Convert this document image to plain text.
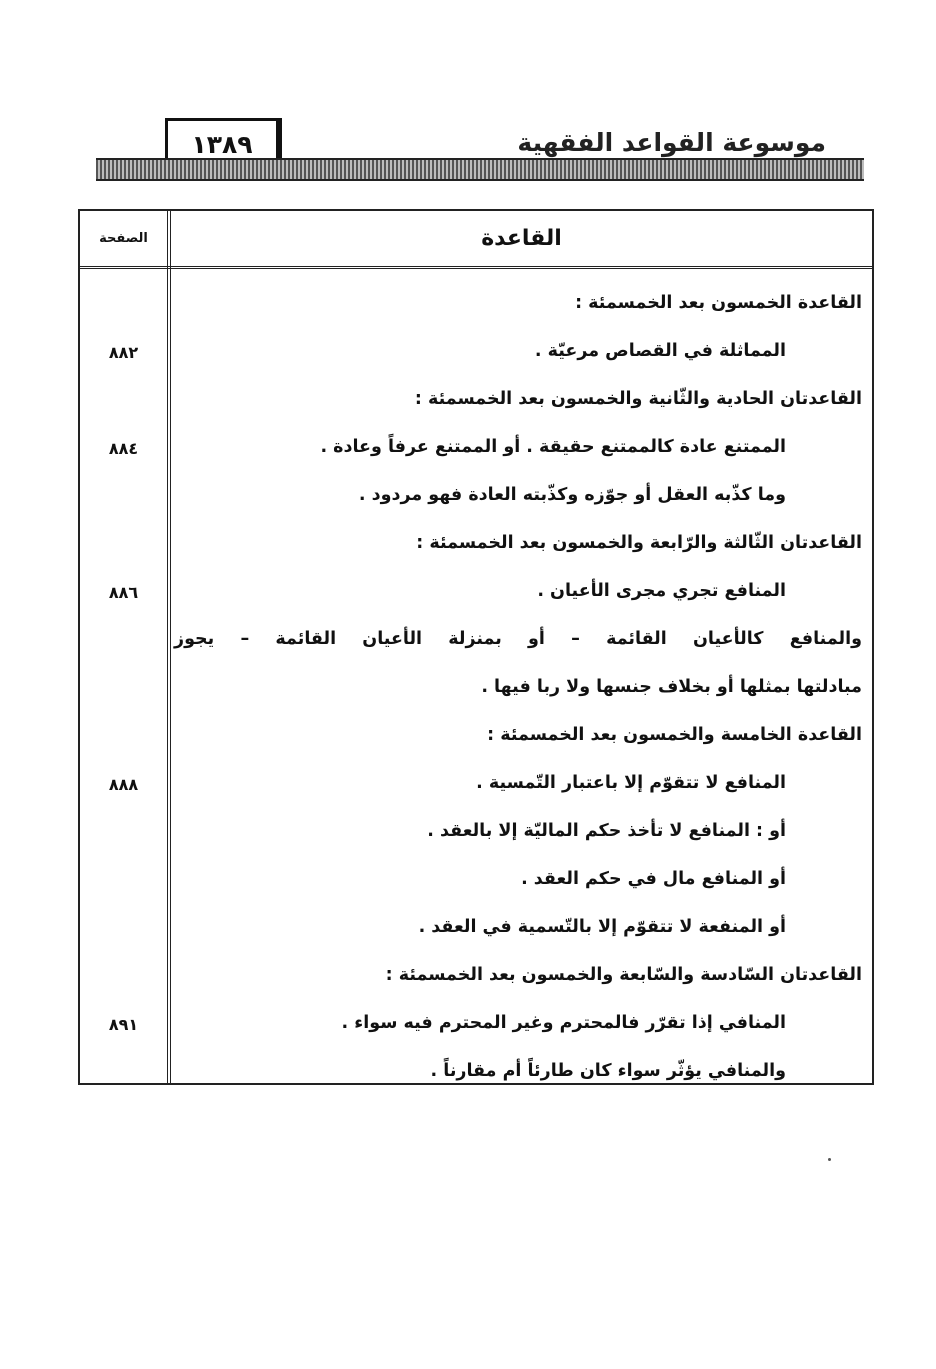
موسوعة القواعد الفقهية
١٣٨٩
الصفحة	القاعدة
القاعدة الخمسون بعد الخمسمئة :
المماثلة في القصاص مرعيّة .
٨٨٢
القاعدتان الحادية والثّانية والخمسون بعد الخمسمئة :
الممتنع عادة كالممتنع حقيقة . أو الممتنع عرفاً وعادة .
٨٨٤
وما كذّبه العقل أو جوّزه وكذّبته العادة فهو مردود .
القاعدتان الثّالثة والرّابعة والخمسون بعد الخمسمئة :
المنافع تجري مجرى الأعيان .
٨٨٦
والمنافع كالأعيان القائمة – أو بمنزلة الأعيان القائمة – يجوز
مبادلتها بمثلها أو بخلاف جنسها ولا ربا فيها .
القاعدة الخامسة والخمسون بعد الخمسمئة :
المنافع لا تتقوّم إلا باعتبار التّمسية .
٨٨٨
أو : المنافع لا تأخذ حكم الماليّة إلا بالعقد .
أو المنافع مال في حكم العقد .
أو المنفعة لا تتقوّم إلا بالتّسمية في العقد .
القاعدتان السّادسة والسّابعة والخمسون بعد الخمسمئة :
المنافي إذا تقرّر فالمحترم وغير المحترم فيه سواء .
٨٩١
والمنافي يؤثّر سواء كان طارئاً أم مقارناً .
